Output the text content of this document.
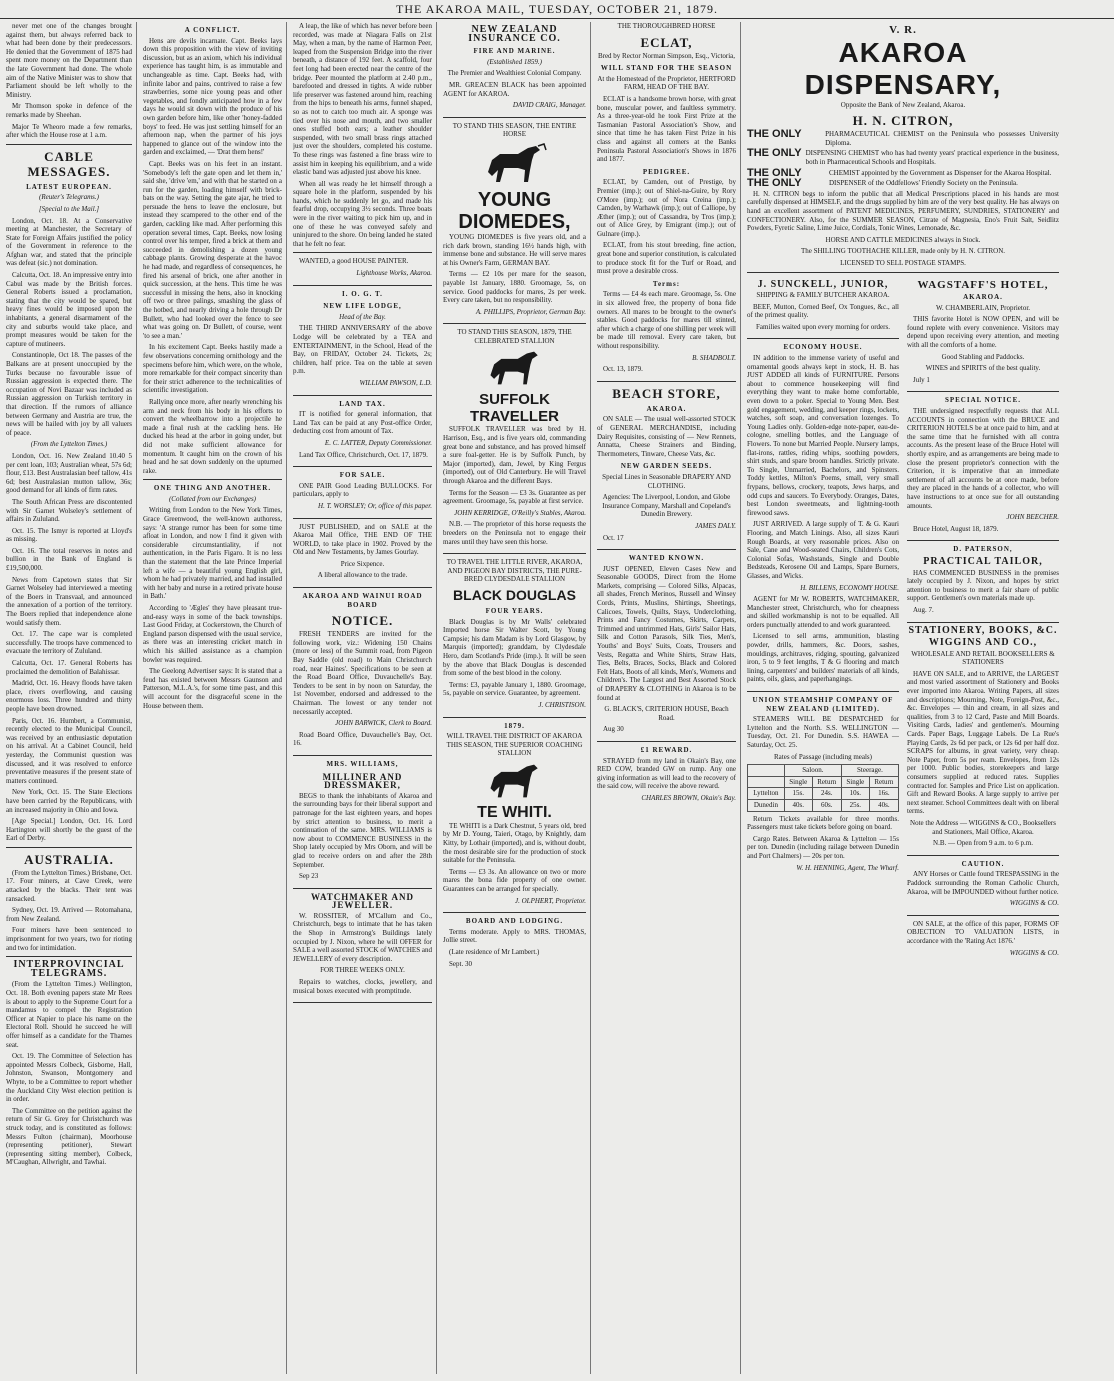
THE AKAROA MAIL, TUESDAY, OCTOBER 21, 1879.

never met one of the changes brought against them, but always referred back to what had been done by their predecessors. He denied that the Government of 1875 had spent more money on the Department than the late Government had done. The whole aim of the Native Minister was to show that Parliament should be left wholly to the Ministry.

Mr Thomson spoke in defence of the remarks made by Sheehan.

Major Te Wheoro made a few remarks, after which the House rose at 1 a.m.

CABLE MESSAGES.
LATEST EUROPEAN.

(Reuter's Telegrams.)

[Special to the Mail.]

London, Oct. 18. At a Conservative meeting at Manchester, the Secretary of State for Foreign Affairs justified the policy of the Government in reference to the Afghan war, and stated that the principle was defeat (sic.) not domination.

Calcutta, Oct. 18. An impressive entry into Cabul was made by the British forces. General Roberts issued a proclamation, stating that the city would be spared, but heavy fines would be imposed upon the inhabitants, a general disarmament of the city and suburbs would take place, and prompt measures would be taken for the capture of mutineers.

Constantinople, Oct 18. The passes of the Balkans are at present unoccupied by the Turks because no favourable issue of Russian aggression is expected there. The occupation of Novi Bazaar was included as Russian aggression on Turkish territory in that direction. If the rumors of alliance between Germany and Austria are true, the news will be hailed with joy by all valuers of peace.

(From the Lyttelton Times.)

London, Oct. 16. New Zealand 10.40 5 per cent loan, 103; Australian wheat, 57s 6d; flour, £13. Best Australasian beef tallow, 41s 6d; best Australasian mutton tallow, 36s; good demand for all kinds of firm rates.

The South African Press are discontented with Sir Garnet Wolseley's settlement of affairs in Zululand.

Oct. 15. The Ismyr is reported at Lloyd's as missing.

Oct. 16. The total reserves in notes and bullion in the Bank of England is £19,500,000.

News from Capetown states that Sir Garnet Wolseley had interviewed a meeting of the Boers in Transvaal, and announced the annexation of a portion of the territory. The Boers replied that independence alone would satisfy them.

Oct. 17. The cape war is completed successfully. The troops have commenced to evacuate the territory of Zululand.

Calcutta, Oct. 17. General Roberts has proclaimed the demolition of Balahissar.

Madrid, Oct. 16. Heavy floods have taken place, rivers overflowing, and causing enormous loss. Three hundred and thirty people have been drowned.

Paris, Oct. 16. Humbert, a Communist, recently elected to the Municipal Council, was received by an enthusiastic deputation on his arrival. At a Cabinet Council, held yesterday, the Communist question was discussed, and it was resolved to enforce preventative measures if the present state of matters continued.

New York, Oct. 15. The State Elections have been carried by the Republicans, with an increased majority in Ohio and Iowa.

[Age Special.] London, Oct. 16. Lord Hartington will shortly be the guest of the Earl of Derby.

AUSTRALIA.

(From the Lyttelton Times.) Brisbane, Oct. 17. Four miners, at Cave Creek, were attacked by the blacks. Their tent was ransacked.

Sydney, Oct. 19. Arrived — Rotomahana, from New Zealand.

Four miners have been sentenced to imprisonment for two years, two for rioting and two for intimidation.

INTERPROVINCIAL TELEGRAMS.

(From the Lyttelton Times.) Wellington, Oct. 18. Both evening papers state Mr Rees is about to apply to the Supreme Court for a mandamus to compel the Registration Officer at Napier to place his name on the Electoral Roll. Should he succeed he will offer himself as a candidate for the Thames seat.

Oct. 19. The Committee of Selection has appointed Messrs Colbeck, Gisborne, Hall, Johnston, Swanson, Montgomery and Whyte, to be a Committee to report whether the Auckland City West election petition is in order.

The Committee on the petition against the return of Sir G. Grey for Christchurch was struck today, and is constituted as follows: Messrs Fulton (chairman), Moorhouse (representing petitioner), Stewart (representing sitting member), Colbeck, M'Caughan, Allwright, and Tawhai.

A CONFLICT.

Hens are devils incarnate. Capt. Beeks lays down this proposition with the view of inviting discussion, but as an axiom, which his individual experience has taught him, is as immutable and unchangeable as time. Capt. Beeks had, with infinite labor and pains, contrived to raise a few strawberries, some nice young peas and other vegetables, and fondly anticipated how in a few days he would sit down with the produce of his own garden before him, like other 'honey-fadded boys' to feed. He was just settling himself for an afternoon nap, when the partner of his joys happened to glance out of the window into the garden and exclaimed, — 'Drat them hens!'

Capt. Beeks was on his feet in an instant. 'Somebody's left the gate open and let them in,' said she, 'drive 'em,' and with that he started on a run for the garden, loading himself with brick-bats on the way. Setting the gate ajar, he tried to persuade the hens to leave the enclosure, but instead they scampered to the other end of the garden, cackling like mad. After performing this operation several times, Capt. Beeks, now losing control over his temper, fired a brick at them and succeeded in demolishing a dozen young cabbage plants. Growing desperate at the havoc he had made, and regardless of consequences, he fired his arsenal of brick, one after another in quick succession, at the hens. This time he was successful in missing the hens, also in knocking off two or three palings, smashing the glass of the hotbed, and nearly driving a hole through Dr Bullett, who had looked over the fence to see what was going on. Dr Bullett, of course, went 'to see a man.'

In his excitement Capt. Beeks hastily made a few observations concerning ornithology and the specimens before him, which were, on the whole, more remarkable for their compact sincerity than for their strict adherence to the technicalities of scientific investigation.

Rallying once more, after nearly wrenching his arm and neck from his body in his efforts to convert the wheelbarrow into a projectile he made a final rush at the cackling hens. He ducked his head at the arbor in going under, but did not make sufficient allowance for momentum. It caught him on the crown of his head and he sat down suddenly on the upturned rake.

ONE THING AND ANOTHER.

(Collated from our Exchanges)

Writing from London to the New York Times, Grace Greenwood, the well-known authoress, says: 'A strange rumor has been for some time afloat in London, and now I find it given with considerable circumstantiality, if not authentication, in the Paris Figaro. It is no less than the statement that the late Prince Imperial left a wife — a beautiful young English girl, whom he had privately married, and had installed with her baby and nurse in a retired private house in Bath.'

According to 'Ægles' they have pleasant true-and-easy ways in some of the back townships. Last Good Friday, at Cockerstown, the Church of England parson dispensed with the usual service, as there was an interesting cricket match in which his skilled assistance as a champion bowler was required.

The Geelong Advertiser says: It is stated that a feud has existed between Messrs Gaunson and Patterson, M.L.A.'s, for some time past, and this will account for the disgraceful scene in the House between them.

A leap, the like of which has never before been recorded, was made at Niagara Falls on 21st May, when a man, by the name of Harmon Peer, leaped from the Suspension Bridge into the river beneath, a distance of 192 feet. A scaffold, four feet long had been erected near the centre of the bridge. Peer mounted the platform at 2.40 p.m., barefooted and dressed in tights. A wide rubber life preserver was fastened around him, reaching from the hips to beneath his arms, funnel shaped, so as not to catch too much air. A sponge was tied over his nose and mouth, and two smaller ones stuffed both ears; a leather shoulder suspended, with two small brass rings attached just over the shoulders, completed his costume. To these rings was fastened a fine brass wire to assist him in keeping his equilibrium, and a wide elastic band was adjusted just above his knee.

When all was ready he let himself through a square hole in the platform, suspended by his hands, which he suddenly let go, and made his fearful drop, occupying 3½ seconds. Three boats were in the river waiting to pick him up, and in one of these he was conveyed safely and uninjured to the shore. On being landed he stated that he felt no fear.

WANTED, a good HOUSE PAINTER.

Lighthouse Works, Akaroa.

I. O. G. T.
NEW LIFE LODGE,

Head of the Bay.

THE THIRD ANNIVERSARY of the above Lodge will be celebrated by a TEA and ENTERTAINMENT, in the School, Head of the Bay, on FRIDAY, October 24. Tickets, 2s; children, half price. Tea on the table at seven p.m.

WILLIAM PAWSON, L.D.

LAND TAX.

IT is notified for general information, that Land Tax can be paid at any Post-office Order, deducting cost from amount of Tax.

E. C. LATTER, Deputy Commissioner.

Land Tax Office, Christchurch, Oct. 17, 1879.

FOR SALE.

ONE PAIR Good Leading BULLOCKS. For particulars, apply to

H. T. WORSLEY; Or, office of this paper.

JUST PUBLISHED, and on SALE at the Akaroa Mail Office, THE END OF THE WORLD, to take place in 1902. Proved by the Old and New Testaments, by James Gourlay.

Price Sixpence.

A liberal allowance to the trade.

AKAROA AND WAINUI ROAD BOARD
NOTICE.

FRESH TENDERS are invited for the following work, viz.: Widening 150 Chains (more or less) of the Summit road, from Pigeon Bay Saddle (old road) to Main Christchurch road, near Haines'. Specifications to be seen at the Road Board Office, Duvauchelle's Bay. Tenders to be sent in by noon on Saturday, the 1st November, endorsed and addressed to the Chairman. The lowest or any tender not necessarily accepted.

JOHN BARWICK, Clerk to Board.

Road Board Office, Duvauchelle's Bay, Oct. 16.

MRS. WILLIAMS,
MILLINER AND DRESSMAKER,

BEGS to thank the inhabitants of Akaroa and the surrounding bays for their liberal support and patronage for the last eighteen years, and hopes by strict attention to business, to merit a continuation of the same. MRS. WILLIAMS is now about to COMMENCE BUSINESS in the Shop lately occupied by Mrs Oborn, and will be glad to receive orders on and after the 28th September.

Sep 23

WATCHMAKER AND JEWELLER.

W. ROSSITER, of M'Callum and Co., Christchurch, begs to intimate that he has taken the Shop in Armstrong's Buildings lately occupied by J. Nixon, where he will OFFER for SALE a well assorted STOCK of WATCHES and JEWELLERY of every description.

FOR THREE WEEKS ONLY.

Repairs to watches, clocks, jewellery, and musical boxes executed with promptitude.

NEW ZEALAND INSURANCE CO.
FIRE AND MARINE.

(Established 1859.)

The Premier and Wealthiest Colonial Company.

MR. GREACEN BLACK has been appointed AGENT for AKAROA.

DAVID CRAIG, Manager.

TO STAND THIS SEASON, THE ENTIRE HORSE

YOUNG DIOMEDES,

YOUNG DIOMEDES is five years old, and a rich dark brown, standing 16½ hands high, with immense bone and substance. He will serve mares at his Owner's Farm, GERMAN BAY.

Terms — £2 10s per mare for the season, payable 1st January, 1880. Groomage, 5s, on service. Good paddocks for mares, 2s per week. Every care taken, but no responsibility.

A. PHILLIPS, Proprietor, German Bay.

TO STAND THIS SEASON, 1879, THE CELEBRATED STALLION

SUFFOLK TRAVELLER

SUFFOLK TRAVELLER was bred by H. Harrison, Esq., and is five years old, commanding great bone and substance, and has proved himself a sure foal-getter. He is by Suffolk Punch, by Major (imported), dam, Jewel, by King Fergus (imported), out of Old Canterbury. He will Travel through Akaroa and the different Bays.

Terms for the Season — £3 3s. Guarantee as per agreement. Groomage, 5s, payable at first service.

JOHN KERRIDGE, O'Reilly's Stables, Akaroa.

N.B. — The proprietor of this horse requests the breeders on the Peninsula not to engage their mares until they have seen this horse.

TO TRAVEL THE LITTLE RIVER, AKAROA, AND PIGEON BAY DISTRICTS, THE PURE-BRED CLYDESDALE STALLION

BLACK DOUGLAS
FOUR YEARS.

Black Douglas is by Mr Walls' celebrated Imported horse Sir Walter Scott, by Young Campsie; his dam Madam is by Lord Glasgow, by Marquis (imported); granddam, by Clydesdale Hero, dam Scotland's Pride (imp.). It will be seen by the above that Black Douglas is descended from some of the best blood in the colony.

Terms: £3, payable January 1, 1880. Groomage, 5s, payable on service. Guarantee, by agreement.

J. CHRISTISON.

1879.

WILL TRAVEL THE DISTRICT OF AKAROA THIS SEASON, THE SUPERIOR COACHING STALLION

TE WHITI.

TE WHITI is a Dark Chestnut, 5 years old, bred by Mr D. Young, Taieri, Otago, by Knightly, dam Kitty, by Lothair (imported), and is, without doubt, the most desirable sire for the production of stock suitable for the Peninsula.

Terms — £3 3s. An allowance on two or more mares the bona fide property of one owner. Guarantees can be arranged for specially.

J. OLPHERT, Proprietor.

BOARD AND LODGING.

Terms moderate. Apply to MRS. THOMAS, Jollie street.

(Late residence of Mr Lambert.)

Sept. 30

THE THOROUGHBRED HORSE

ECLAT,

Bred by Rector Norman Simpson, Esq., Victoria,

WILL STAND FOR THE SEASON

At the Homestead of the Proprietor, HERTFORD FARM, HEAD OF THE BAY.

ECLAT is a handsome brown horse, with great bone, muscular power, and faultless symmetry. As a three-year-old he took First Prize at the Tasmanian Pastoral Association's Show, and since that time he has taken First Prize in his class and against all comers at the Banks Peninsula Pastoral Association's Shows in 1876 and 1877.

PEDIGREE.

ECLAT, by Camden, out of Prestige, by Premier (imp.); out of Shiel-na-Guire, by Rory O'More (imp.); out of Nora Creina (imp.); Camden, by Warhawk (imp.); out of Calliope, by Æther (imp.); out of Cassandra, by Tros (imp.); out of Alice Grey, by Emigrant (imp.); out of Gulnare (imp.).

ECLAT, from his stout breeding, fine action, great bone and superior constitution, is calculated to produce stock fit for the Turf or Road, and must prove a desirable cross.

Terms:

Terms — £4 4s each mare. Groomage, 5s. One in six allowed free, the property of bona fide owners. All mares to be brought to the owner's stables. Good paddocks for mares till stinted, after which a charge of one shilling per week will be made till removal. Every care taken, but without responsibility.

B. SHADBOLT.

Oct. 13, 1879.

BEACH STORE,
AKAROA.

ON SALE — The usual well-assorted STOCK of GENERAL MERCHANDISE, including Dairy Requisites, consisting of — New Rennets, Annatta, Cheese Strainers and Binding, Thermometers, Tinware, Cheese Vats, &c.

NEW GARDEN SEEDS.

Special Lines in Seasonable DRAPERY AND CLOTHING.

Agencies: The Liverpool, London, and Globe Insurance Company, Marshall and Copeland's Dunedin Brewery.

JAMES DALY.

Oct. 17

WANTED KNOWN.

JUST OPENED, Eleven Cases New and Seasonable GOODS, Direct from the Home Markets, comprising — Colored Silks, Alpacas, all shades, French Merinos, Russell and Winsey Cords, Prints, Muslins, Shirtings, Sheetings, Calicoes, Towels, Quilts, Stays, Underclothing, Prints and Fancy Costumes, Skirts, Carpets, Trimmed and untrimmed Hats, Girls' Sailor Hats, Silk and Cotton Parasols, Silk Ties, Men's, Youths' and Boys' Suits, Coats, Trousers and Vests, Regatta and White Shirts, Straw Hats, Ties, Belts, Braces, Socks, Black and Colored Felt Hats, Boots of all kinds, Men's, Womens and Children's. The Largest and Best Assorted Stock of DRAPERY & CLOTHING in Akaroa is to be found at

G. BLACK'S, CRITERION HOUSE, Beach Road.

Aug 30

£1 REWARD.

STRAYED from my land in Okain's Bay, one RED COW, branded GW on rump. Any one giving information as will lead to the recovery of the said cow, will receive the above reward.

CHARLES BROWN, Okain's Bay.

V. R.
AKAROA DISPENSARY,

Opposite the Bank of New Zealand, Akaroa.

H. N. CITRON,
THE ONLY	PHARMACEUTICAL CHEMIST on the Peninsula who possesses University Diploma.
THE ONLY DISPENSING CHEMIST who has had twenty years' practical experience in the business, both in Pharmaceutical Schools and Hospitals.
THE ONLY	CHEMIST appointed by the Government as Dispenser for the Akaroa Hospital.
THE ONLY	DISPENSER of the Oddfellows' Friendly Society on the Peninsula.

H. N. CITRON begs to inform the public that all Medical Prescriptions placed in his hands are most carefully dispensed at HIMSELF, and the drugs supplied by him are of the very best quality. He has always on hand an excellent assortment of PATENT MEDICINES, PERFUMERY, SUNDRIES, STATIONERY and CONFECTIONERY. Also, for the SUMMER SEASON, Citrate of Magnesia, Eno's Fruit Salt, Seidlitz Powders, Fyretic Saline, Lime Juice, Cordials, Tonic Wines, Lemonade, &c.

HORSE AND CATTLE MEDICINES always in Stock.

The SHILLING TOOTHACHE KILLER, made only by H. N. CITRON.

LICENSED TO SELL POSTAGE STAMPS.

J. SUNCKELL, JUNIOR,

SHIPPING & FAMILY BUTCHER AKAROA.

BEEF, Mutton, Corned Beef, Ox Tongues, &c., all of the primest quality.

Families waited upon every morning for orders.

ECONOMY HOUSE.

IN addition to the immense variety of useful and ornamental goods always kept in stock, H. B. has JUST ADDED all kinds of FURNITURE. Persons about to commence housekeeping will find everything they want to make home comfortable, even down to a poker. Special to Young Men. Best gold engagement, wedding, and keeper rings, lockets, watches, soft soap, and conversation lozenges. To Young Ladies only. Golden-edge note-paper, eau-de-cologne, smelling bottles, and the Language of Flowers. To none but Married People. Nursery lamps, flat-irons, rattles, riding whips, soothing powders, shirt studs, and spare broom handles. Strictly private. To Single, Unmarried, Bachelors, and Spinsters. Toddy kettles, Milton's Poems, small, very small frypans, bellows, crockery, teapots, Jews harps, and odd cups and saucers. To Everybody. Oranges, Dates, best London sweetmeats, and lightning-tooth firewood saws.

JUST ARRIVED. A large supply of T. & G. Kauri Flooring, and Match Linings. Also, all sizes Kauri Rough Boards, at very reasonable prices. Also on Sale, Cane and Wood-seated Chairs, Children's Cots, Colonial Sofas, Washstands, Single and Double Bedsteads, Kerosene Oil and Lamps, Spare Burners, Glasses, and Wicks.

H. BILLENS, ECONOMY HOUSE.

AGENT for Mr W. ROBERTS, WATCHMAKER, Manchester street, Christchurch, who for cheapness and skilled workmanship is not to be equalled. All orders punctually attended to and work guaranteed.

Licensed to sell arms, ammunition, blasting powder, drills, hammers, &c. Doors, sashes, mouldings, architraves, ridging, spouting, galvanized iron, 5 to 9 feet lengths, T & G flooring and match lining, carpenters' and builders' materials of all kinds, paints, oils, glass, and paperhangings.

UNION STEAMSHIP COMPANY OF NEW ZEALAND (LIMITED).

STEAMERS WILL BE DESPATCHED for Lyttelton and the North. S.S. WELLINGTON — Tuesday, Oct. 21. For Dunedin. S.S. HAWEA — Saturday, Oct. 25.

Rates of Passage (including meals)

	Saloon.		Steerage.	
	Single	Return	Single	Return
Lyttelton	15s.	24s.	10s.	16s.
Dunedin	40s.	60s.	25s.	40s.

Return Tickets available for three months. Passengers must take tickets before going on board.

Cargo Rates. Between Akaroa & Lyttelton — 15s per ton. Dunedin (including railage between Dunedin and Port Chalmers) — 20s per ton.

W. H. HENNING, Agent, The Wharf.

WAGSTAFF'S HOTEL,
AKAROA.

W. CHAMBERLAIN, Proprietor.

THIS favorite Hotel is NOW OPEN, and will be found replete with every convenience. Visitors may depend upon receiving every attention, and meeting with all the comforts of a home.

Good Stabling and Paddocks.

WINES and SPIRITS of the best quality.

July 1

SPECIAL NOTICE.

THE undersigned respectfully requests that ALL ACCOUNTS in connection with the BRUCE and CRITERION HOTELS be at once paid to him, and at the same time that he furnished with all contra accounts. As the present lease of the Bruce Hotel will shortly expire, and as arrangements are being made to close the present proprietor's connection with the Criterion, it is imperative that an immediate settlement of all accounts be at once made, before they are placed in the hands of a collector, who will have instructions to at once sue for all outstanding amounts.

JOHN BEECHER.

Bruce Hotel, August 18, 1879.

D. PATERSON,
PRACTICAL TAILOR,

HAS COMMENCED BUSINESS in the premises lately occupied by J. Nixon, and hopes by strict attention to business to merit a fair share of public support. Gentlemen's own materials made up.

Aug. 7.

STATIONERY, BOOKS, &C.
WIGGINS AND CO.,

WHOLESALE AND RETAIL BOOKSELLERS & STATIONERS

HAVE ON SALE, and to ARRIVE, the LARGEST and most varied assortment of Stationery and Books ever imported into Akaroa. Writing Papers, all sizes and descriptions; Mourning, Note, Foreign-Post, &c., &c. Envelopes — thin and cream, in all sizes and qualities, from 3 to 12 Card, Paste and Mill Boards. Visiting Cards, ladies' and gentlemen's. Mourning Cards. Paper Bags, Luggage Labels. De La Rue's Playing Cards, 2s 6d per pack, or 12s 6d per half doz. SCRAPS for albums, in great variety, very cheap. Note Paper, from 5s per ream. Envelopes, from 12s per 1000. Public bodies, storekeepers and large consumers supplied at reduced rates. Supplies contracted for. Samples and Price List on application. Gift and Reward Books. A large supply to arrive per next steamer. School Committees dealt with on liberal terms.

Note the Address — WIGGINS & CO., Booksellers and Stationers, Mail Office, Akaroa.

N.B. — Open from 9 a.m. to 6 p.m.

CAUTION.

ANY Horses or Cattle found TRESPASSING in the Paddock surrounding the Roman Catholic Church, Akaroa, will be IMPOUNDED without further notice.

WIGGINS & CO.

ON SALE, at the office of this paper, FORMS OF OBJECTION TO VALUATION LISTS, in accordance with the 'Rating Act 1876.'

WIGGINS & CO.
